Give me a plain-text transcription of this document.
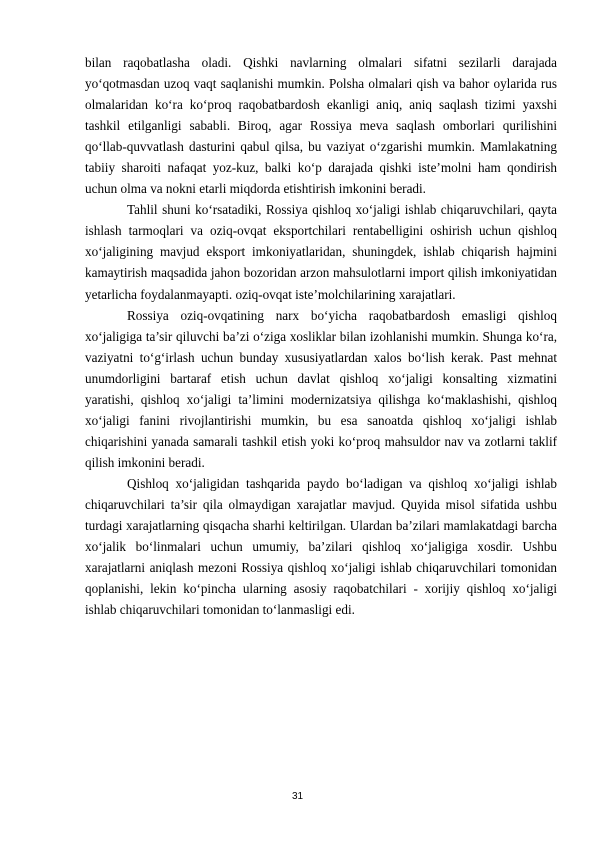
bilan raqobatlasha oladi. Qishki navlarning olmalari sifatni sezilarli darajada yo‘qotmasdan uzoq vaqt saqlanishi mumkin. Polsha olmalari qish va bahor oylarida rus olmalaridan ko‘ra ko‘proq raqobatbardosh ekanligi aniq, aniq saqlash tizimi yaxshi tashkil etilganligi sababli. Biroq, agar Rossiya meva saqlash omborlari qurilishini qo‘llab-quvvatlash dasturini qabul qilsa, bu vaziyat o‘zgarishi mumkin. Mamlakatning tabiiy sharoiti nafaqat yoz-kuz, balki ko‘p darajada qishki iste’molni ham qondirish uchun olma va nokni etarli miqdorda etishtirish imkonini beradi.

Tahlil shuni ko‘rsatadiki, Rossiya qishloq xo‘jaligi ishlab chiqaruvchilari, qayta ishlash tarmoqlari va oziq-ovqat eksportchilari rentabelligini oshirish uchun qishloq xo‘jaligining mavjud eksport imkoniyatlaridan, shuningdek, ishlab chiqarish hajmini kamaytirish maqsadida jahon bozoridan arzon mahsulotlarni import qilish imkoniyatidan yetarlicha foydalanmayapti. oziq-ovqat iste’molchilarining xarajatlari.

Rossiya oziq-ovqatining narx bo‘yicha raqobatbardosh emasligi qishloq xo‘jaligiga ta’sir qiluvchi ba’zi o‘ziga xosliklar bilan izohlanishi mumkin. Shunga ko‘ra, vaziyatni to‘g‘irlash uchun bunday xususiyatlardan xalos bo‘lish kerak. Past mehnat unumdorligini bartaraf etish uchun davlat qishloq xo‘jaligi konsalting xizmatini yaratishi, qishloq xo‘jaligi ta’limini modernizatsiya qilishga ko‘maklashishi, qishloq xo‘jaligi fanini rivojlantirishi mumkin, bu esa sanoatda qishloq xo‘jaligi ishlab chiqarishini yanada samarali tashkil etish yoki ko‘proq mahsuldor nav va zotlarni taklif qilish imkonini beradi.

Qishloq xo‘jaligidan tashqarida paydo bo‘ladigan va qishloq xo‘jaligi ishlab chiqaruvchilari ta’sir qila olmaydigan xarajatlar mavjud. Quyida misol sifatida ushbu turdagi xarajatlarning qisqacha sharhi keltirilgan. Ulardan ba’zilari mamlakatdagi barcha xo‘jalik bo‘linmalari uchun umumiy, ba’zilari qishloq xo‘jaligiga xosdir. Ushbu xarajatlarni aniqlash mezoni Rossiya qishloq xo‘jaligi ishlab chiqaruvchilari tomonidan qoplanishi, lekin ko‘pincha ularning asosiy raqobatchilari - xorijiy qishloq xo‘jaligi ishlab chiqaruvchilari tomonidan to‘lanmasligi edi.

31
